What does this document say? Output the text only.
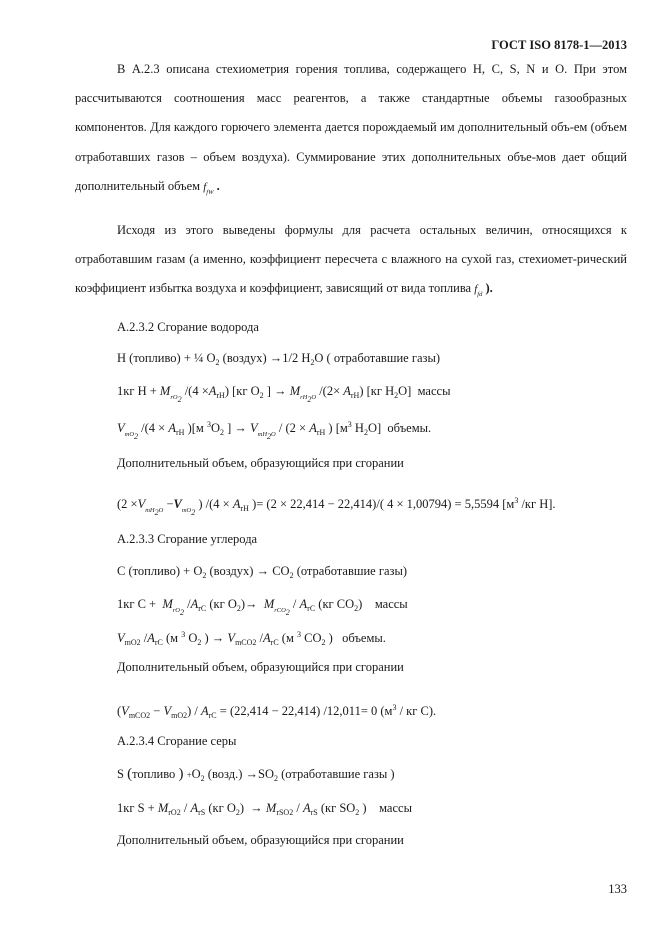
ГОСТ ISO 8178-1—2013
В А.2.3 описана стехиометрия горения топлива, содержащего H, C, S, N и O. При этом рассчитываются соотношения масс реагентов, а также стандартные объемы газообразных компонентов. Для каждого горючего элемента дается порождаемый им дополнительный объ-ем (объем отработавших газов – объем воздуха). Суммирование этих дополнительных объе-мов дает общий дополнительный объем $f_{fW}$ .
Исходя из этого выведены формулы для расчета остальных величин, относящихся к отработавшим газам (а именно, коэффициент пересчета с влажного на сухой газ, стехиомет-рический коэффициент избытка воздуха и коэффициент, зависящий от вида топлива $f_{fd}$ ).
А.2.3.2 Сгорание водорода
H (топливо) + ¼ $O_2$ (воздух) →1/2 $H_2O$ ( отработавшие газы)
1кг $H + M_{rO_2}$ $/(4 \times A_{rH})$ [кг $O_2$ ] → $M_{rH_2O}$ $/(2\times A_{rH})$ [кг $H_2O$]  массы
$V_{mO_2}$ $/(4 \times A_{rH}$ )[м $^3O_2$ ] → $V_{mH_2O} / (2 \times A_{rH}$ ) [$м^3$ $H_2O$]  объемы.
Дополнительный объем, образующийся при сгорании
($2 \times V_{mH_2O} -V_{mO_2}$ ) $/(4 \times A_{rH}$ )= (2 × 22,414 − 22,414)/( 4 × 1,00794) = 5,5594 [$м^3$ /кг H].
А.2.3.3 Сгорание углерода
C (топливо) + $O_2$ (воздух) → $CO_2$ (отработавшие газы)
1кг $C + M_{rO_2}$ $/A_{rC}$ (кг $O_2)\to M_{rCO_2} / A_{rC}$ (кг $CO_2$)    массы
$V_{mO2}$ $/A_{rC}$ (м $^3$ $O_2$ ) → $V_{mCO2}$ $/A_{rC}$ (м $^3$ $CO_2$ )   объемы.
Дополнительный объем, образующийся при сгорании
$(V_{mCO2} - V_{mO2}) / A_{rC} = (22,414 - 22,414)$ /12,011= 0 ($м^3$ / кг C).
А.2.3.4 Сгорание серы
S (топливо ) $+O_2$ (возд.) $\to SO_2$ (отработавшие газы )
1кг $S + M_{rO2} / A_{rS}$ (кг $O_2) \to M_{rSO2} / A_{rS}$ (кг $SO_2$ )    массы
Дополнительный объем, образующийся при сгорании
133
